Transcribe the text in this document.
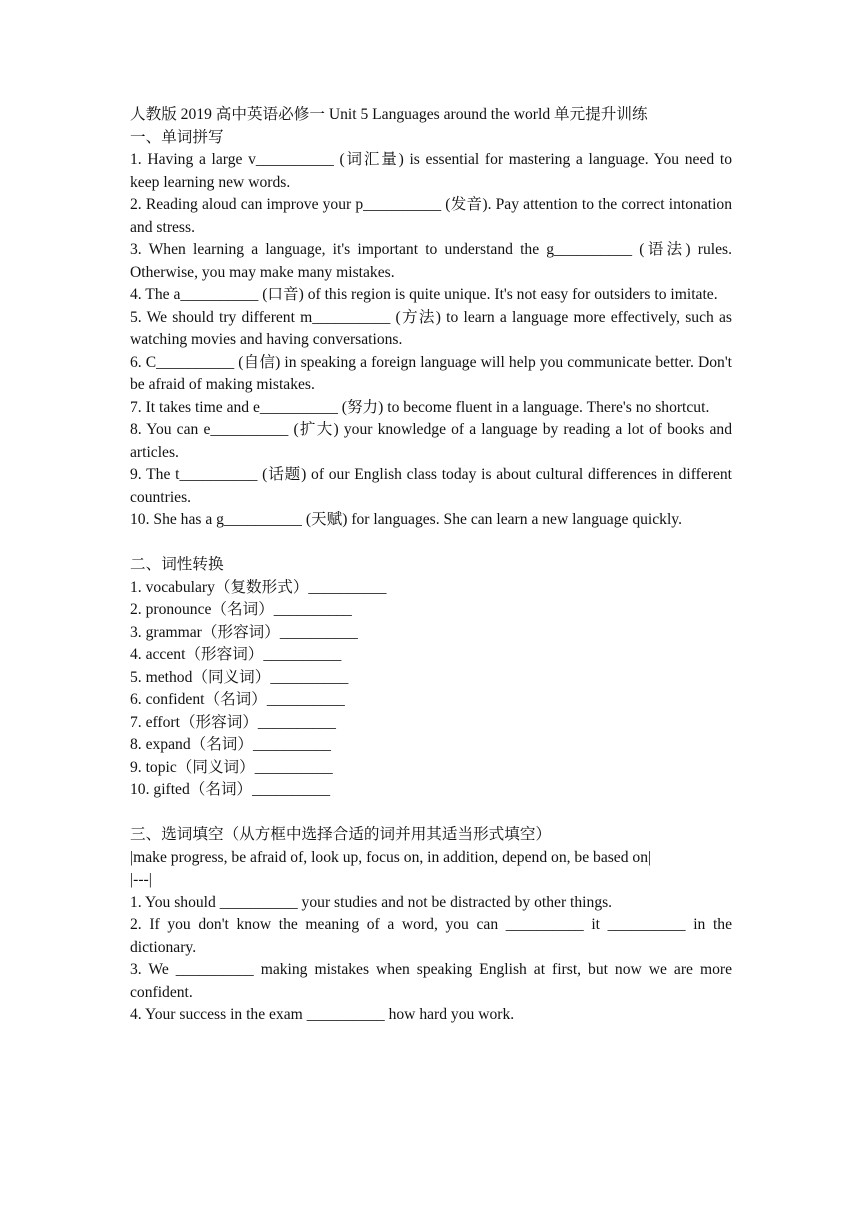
人教版 2019 高中英语必修一 Unit 5 Languages around the world 单元提升训练
一、单词拼写
1. Having a large v__________ (词汇量) is essential for mastering a language. You need to keep learning new words.
2. Reading aloud can improve your p__________ (发音). Pay attention to the correct intonation and stress.
3. When learning a language, it's important to understand the g__________ (语法) rules. Otherwise, you may make many mistakes.
4. The a__________ (口音) of this region is quite unique. It's not easy for outsiders to imitate.
5. We should try different m__________ (方法) to learn a language more effectively, such as watching movies and having conversations.
6. C__________ (自信) in speaking a foreign language will help you communicate better. Don't be afraid of making mistakes.
7. It takes time and e__________ (努力) to become fluent in a language. There's no shortcut.
8. You can e__________ (扩大) your knowledge of a language by reading a lot of books and articles.
9. The t__________ (话题) of our English class today is about cultural differences in different countries.
10. She has a g__________ (天赋) for languages. She can learn a new language quickly.
二、词性转换
1. vocabulary（复数形式）__________
2. pronounce（名词）__________
3. grammar（形容词）__________
4. accent（形容词）__________
5. method（同义词）__________
6. confident（名词）__________
7. effort（形容词）__________
8. expand（名词）__________
9. topic（同义词）__________
10. gifted（名词）__________
三、选词填空（从方框中选择合适的词并用其适当形式填空）
|make progress, be afraid of, look up, focus on, in addition, depend on, be based on|
|---|
1. You should __________ your studies and not be distracted by other things.
2. If you don't know the meaning of a word, you can __________ it __________ in the dictionary.
3. We __________ making mistakes when speaking English at first, but now we are more confident.
4. Your success in the exam __________ how hard you work.
